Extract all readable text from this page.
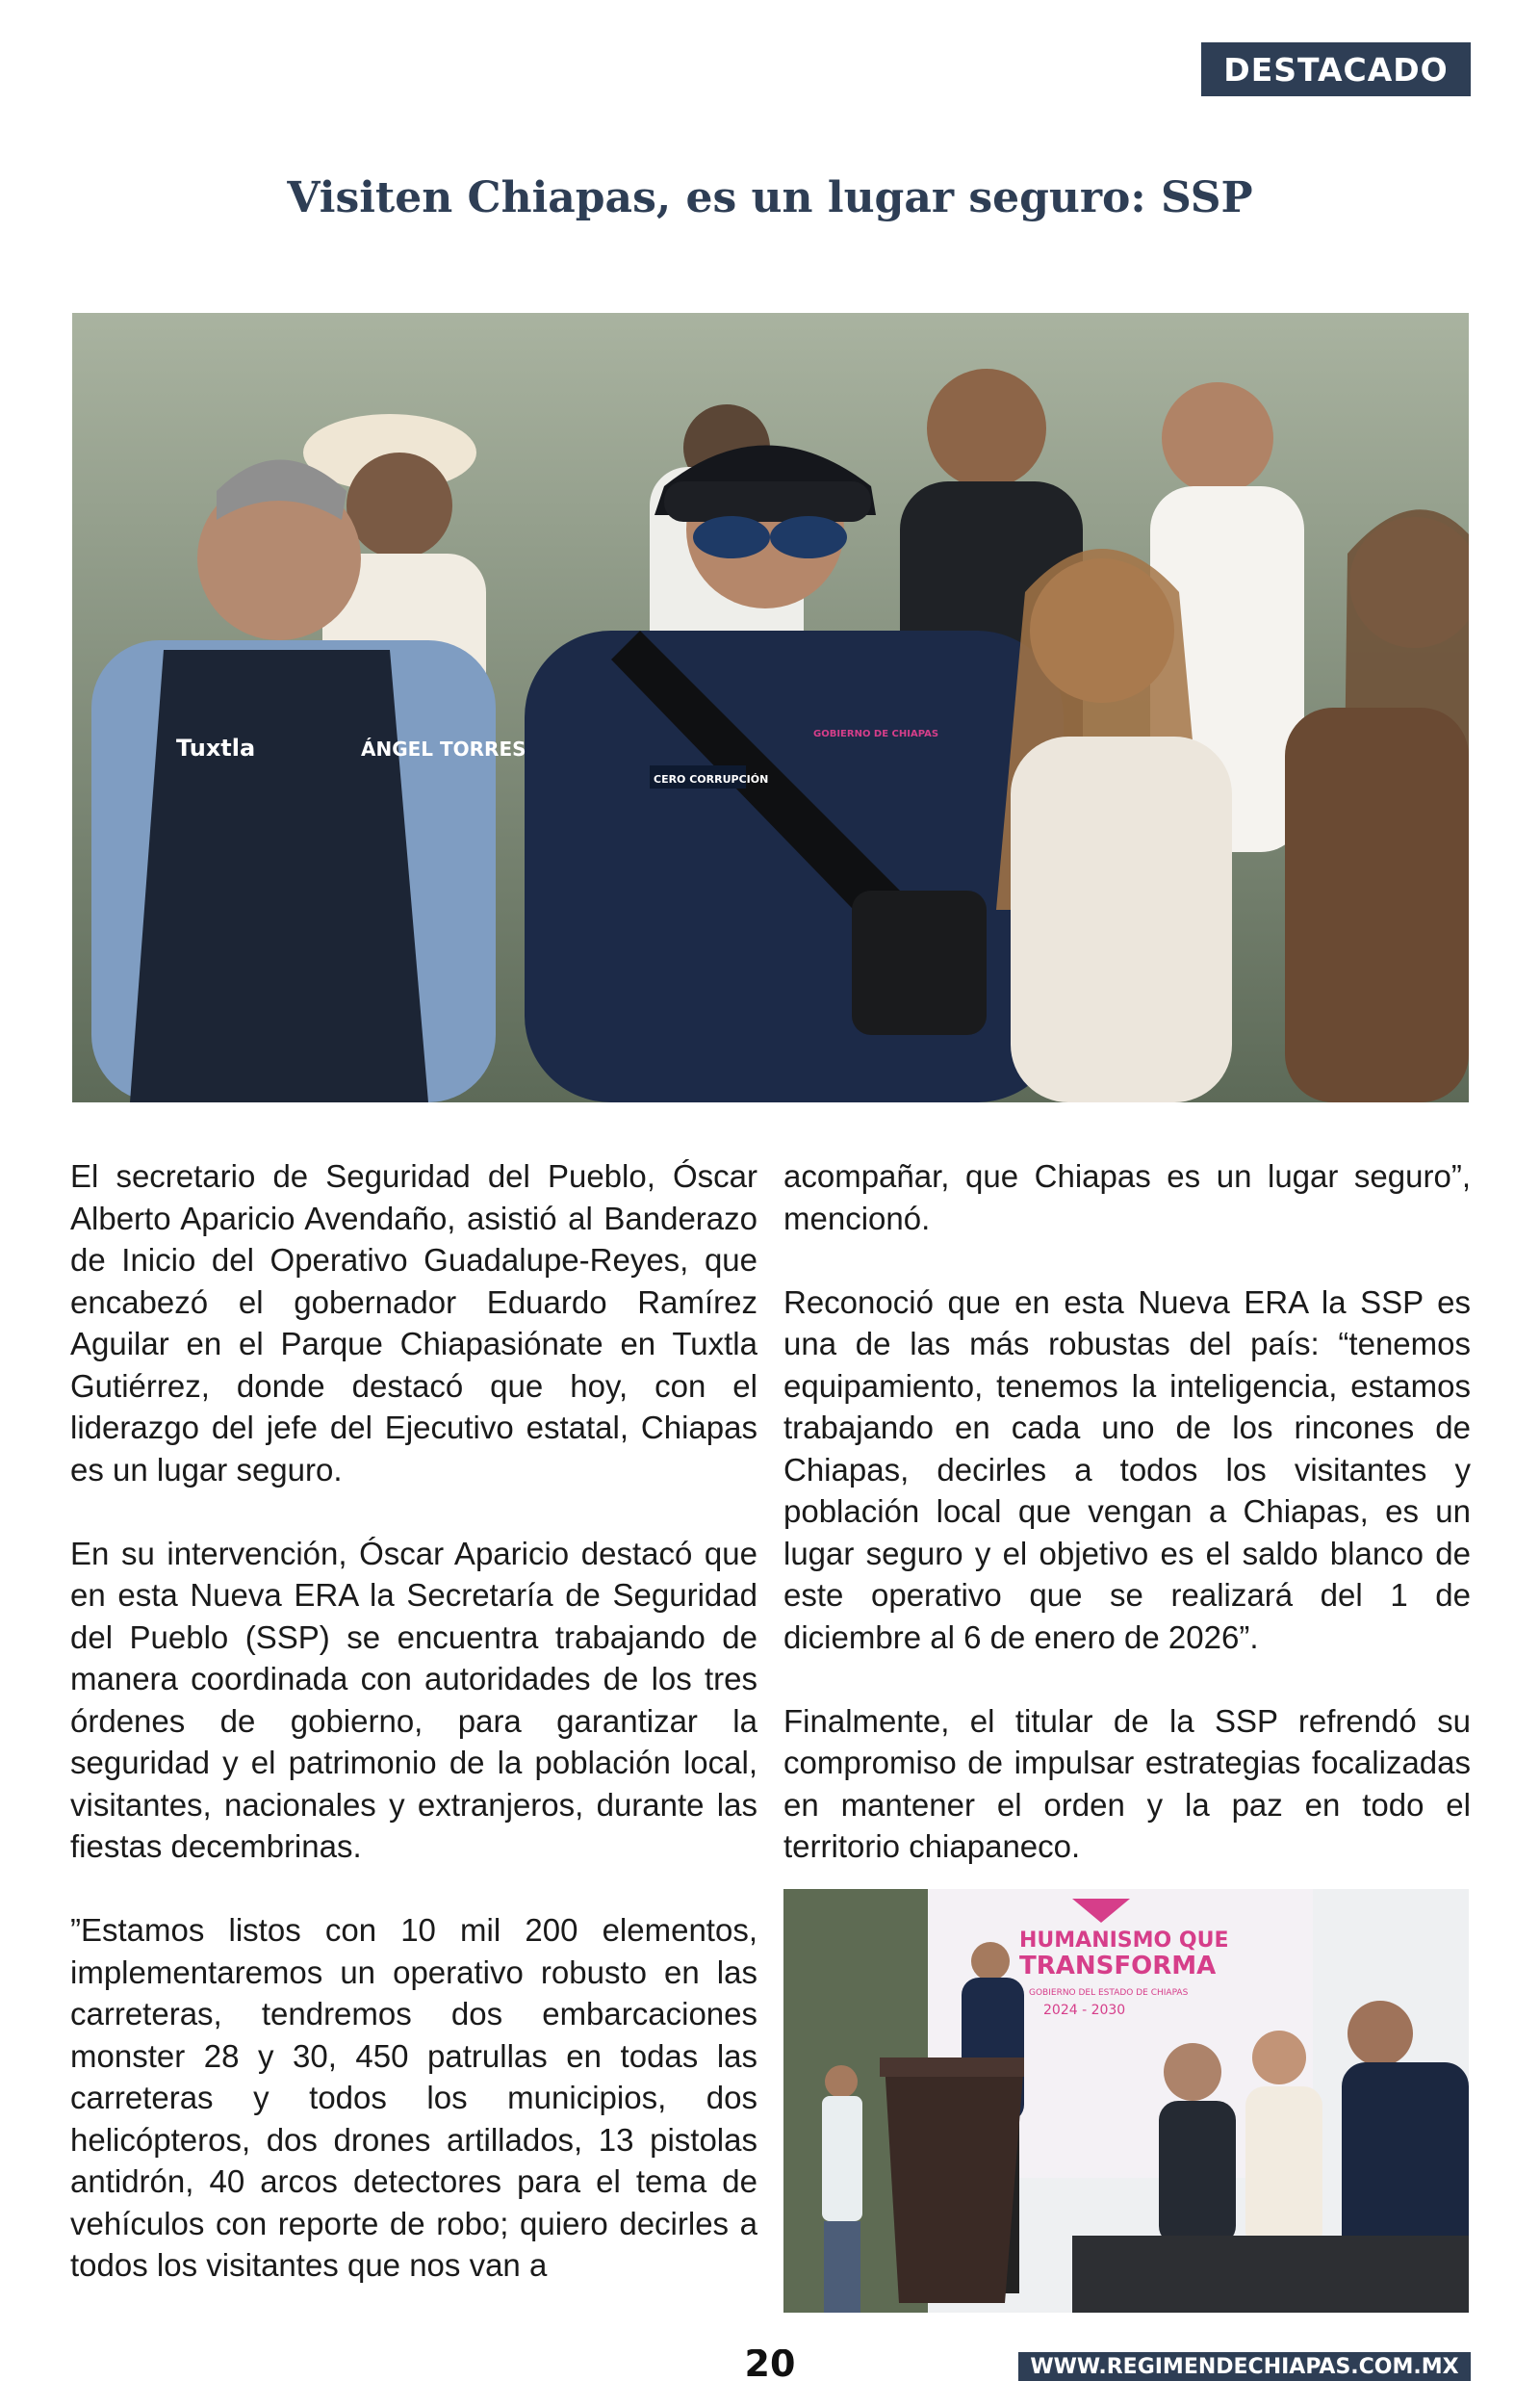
DESTACADO
Visiten Chiapas, es un lugar seguro: SSP
Tuxtla	ÁNGEL TORRES
CERO CORRUPCIÓN
GOBIERNO DE CHIAPAS

El secretario de Seguridad del Pueblo, Óscar Alberto Aparicio Avendaño, asistió al Banderazo de Inicio del Operativo Guadalupe-Reyes, que encabezó el gobernador Eduardo Ramírez Aguilar en el Parque Chiapasiónate en Tuxtla Gutiérrez, donde destacó que hoy, con el liderazgo del jefe del Ejecutivo estatal, Chiapas es un lugar seguro.

En su intervención, Óscar Aparicio destacó que en esta Nueva ERA la Secretaría de Seguridad del Pueblo (SSP) se encuentra trabajando de manera coordinada con autoridades de los tres órdenes de gobierno, para garantizar la seguridad y el patrimonio de la población local, visitantes, nacionales y extranjeros, durante las fiestas decembrinas.

”Estamos listos con 10 mil 200 elementos, implementaremos un operativo robusto en las carreteras, tendremos dos embarcaciones monster 28 y 30, 450 patrullas en todas las carreteras y todos los municipios, dos helicópteros, dos drones artillados, 13 pistolas antidrón, 40 arcos detectores para el tema de vehículos con reporte de robo; quiero decirles a todos los visitantes que nos van a

acompañar, que Chiapas es un lugar seguro”, mencionó.

Reconoció que en esta Nueva ERA la SSP es una de las más robustas del país: “tenemos equipamiento, tenemos la inteligencia, estamos trabajando en cada uno de los rincones de Chiapas, decirles a todos los visitantes y población local que vengan a Chiapas, es un lugar seguro y el objetivo es el saldo blanco de este operativo que se realizará del 1 de diciembre al 6 de enero de 2026”.

Finalmente, el titular de la SSP refrendó su compromiso de impulsar estrategias focalizadas en mantener el orden y la paz en todo el territorio chiapaneco.

HUMANISMO QUE
TRANSFORMA
GOBIERNO DEL ESTADO DE CHIAPAS
2024 - 2030
20	WWW.REGIMENDECHIAPAS.COM.MX
